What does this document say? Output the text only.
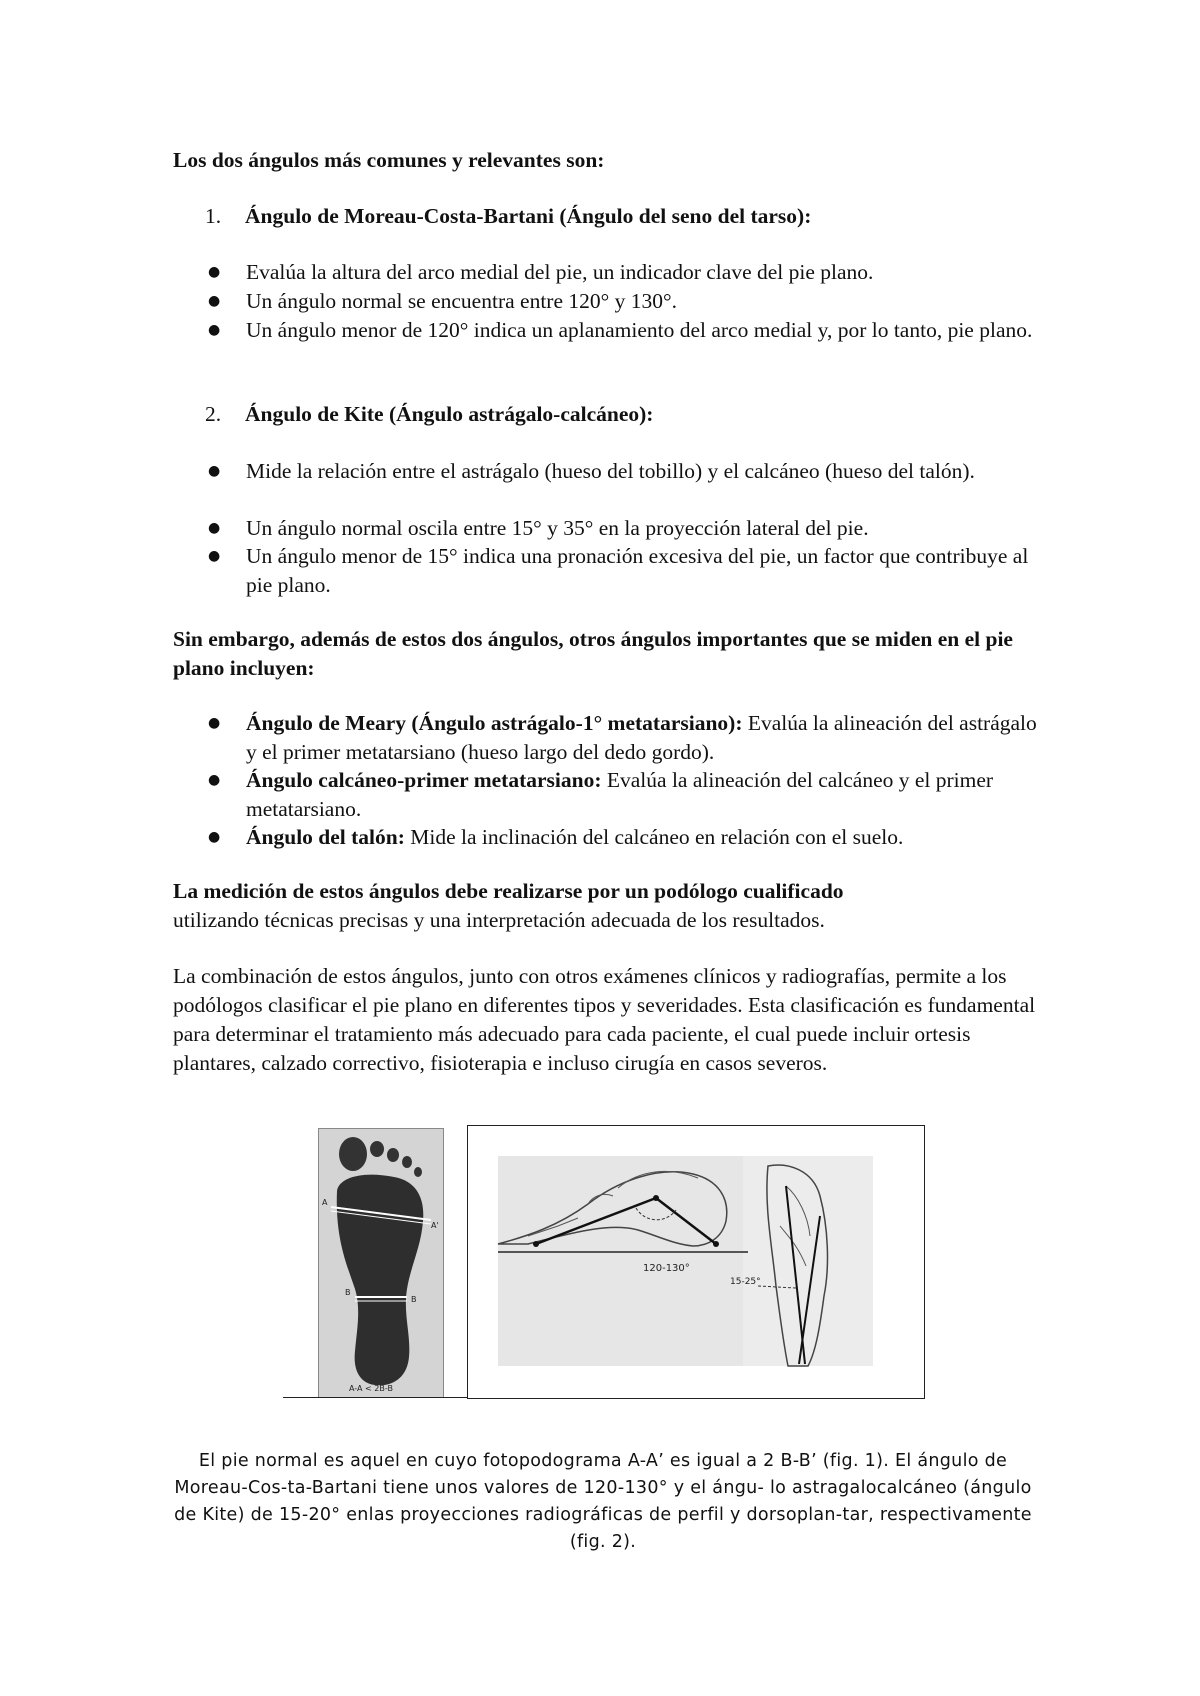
Los dos ángulos más comunes y relevantes son:

1.	Ángulo de Moreau-Costa-Bartani (Ángulo del seno del tarso):
●	Evalúa la altura del arco medial del pie, un indicador clave del pie plano.
●	Un ángulo normal se encuentra entre 120° y 130°.
●	Un ángulo menor de 120° indica un aplanamiento del arco medial y, por lo tanto, pie plano.
2.	Ángulo de Kite (Ángulo astrágalo-calcáneo):
●	Mide la relación entre el astrágalo (hueso del tobillo) y el calcáneo (hueso del talón).
●	Un ángulo normal oscila entre 15° y 35° en la proyección lateral del pie.
●	Un ángulo menor de 15° indica una pronación excesiva del pie, un factor que contribuye al pie plano.

Sin embargo, además de estos dos ángulos, otros ángulos importantes que se miden en el pie plano incluyen:

●	Ángulo de Meary (Ángulo astrágalo-1° metatarsiano): Evalúa la alineación del astrágalo y el primer metatarsiano (hueso largo del dedo gordo).
●	Ángulo calcáneo-primer metatarsiano: Evalúa la alineación del calcáneo y el primer metatarsiano.
●	Ángulo del talón: Mide la inclinación del calcáneo en relación con el suelo.

La medición de estos ángulos debe realizarse por un podólogo cualificado
utilizando técnicas precisas y una interpretación adecuada de los resultados.

La combinación de estos ángulos, junto con otros exámenes clínicos y radiografías, permite a los podólogos clasificar el pie plano en diferentes tipos y severidades. Esta clasificación es fundamental para determinar el tratamiento más adecuado para cada paciente, el cual puede incluir ortesis plantares, calzado correctivo, fisioterapia e incluso cirugía en casos severos.

A
A'
B
B
A-A < 2B-B
120-130°
15-25°

El pie normal es aquel en cuyo fotopodograma A-A’ es igual a 2 B-B’ (fig. 1). El ángulo de Moreau-Cos-ta-Bartani tiene unos valores de 120-130° y el ángu- lo astragalocalcáneo (ángulo de Kite) de 15-20° enlas proyecciones radiográficas de perfil y dorsoplan-tar, respectivamente (fig. 2).
